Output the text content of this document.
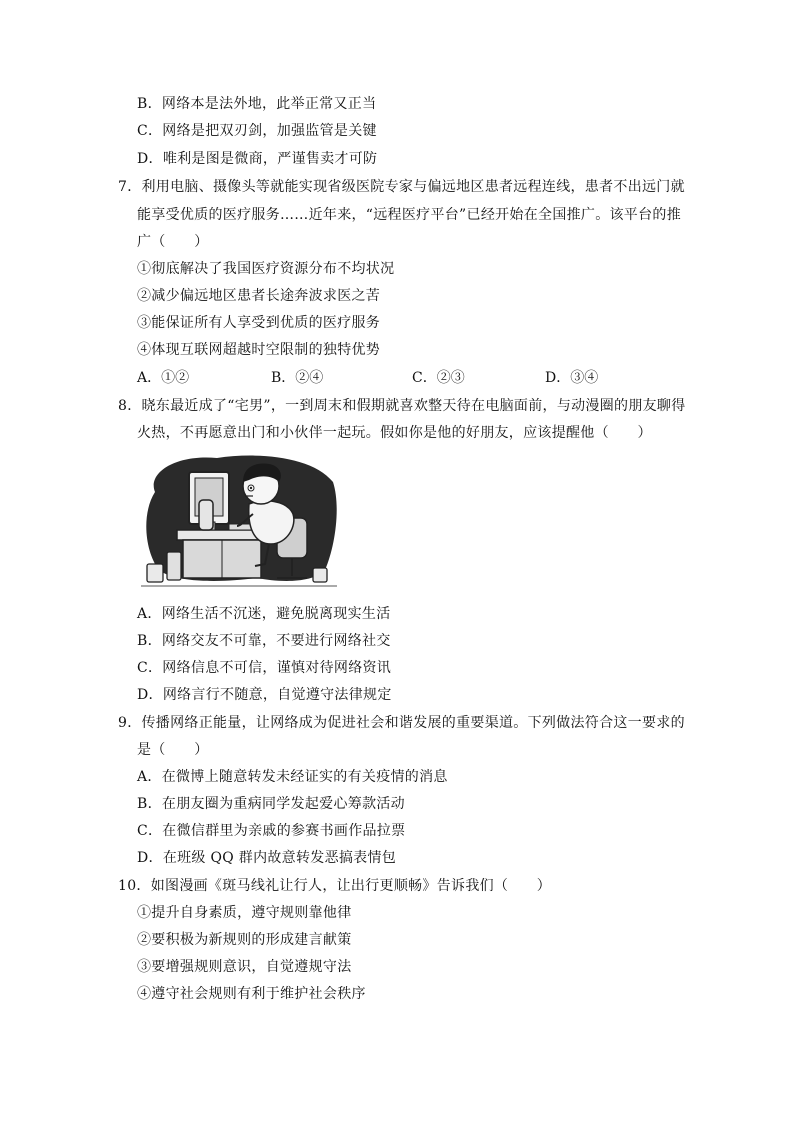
B．网络本是法外地，此举正常又正当
C．网络是把双刃剑，加强监管是关键
D．唯利是图是微商，严谨售卖才可防
7．利用电脑、摄像头等就能实现省级医院专家与偏远地区患者远程连线，患者不出远门就
能享受优质的医疗服务……近年来，“远程医疗平台”已经开始在全国推广。该平台的推
广（　　）
①彻底解决了我国医疗资源分布不均状况
②减少偏远地区患者长途奔波求医之苦
③能保证所有人享受到优质的医疗服务
④体现互联网超越时空限制的独特优势
A．①②	B．②④	C．②③	D．③④
8．晓东最近成了“宅男”，一到周末和假期就喜欢整天待在电脑面前，与动漫圈的朋友聊得
火热，不再愿意出门和小伙伴一起玩。假如你是他的好朋友，应该提醒他（　　）
A．网络生活不沉迷，避免脱离现实生活
B．网络交友不可靠，不要进行网络社交
C．网络信息不可信，谨慎对待网络资讯
D．网络言行不随意，自觉遵守法律规定
9．传播网络正能量，让网络成为促进社会和谐发展的重要渠道。下列做法符合这一要求的
是（　　）
A．在微博上随意转发未经证实的有关疫情的消息
B．在朋友圈为重病同学发起爱心筹款活动
C．在微信群里为亲戚的参赛书画作品拉票
D．在班级 QQ 群内故意转发恶搞表情包
10．如图漫画《斑马线礼让行人，让出行更顺畅》告诉我们（　　）
①提升自身素质，遵守规则靠他律
②要积极为新规则的形成建言献策
③要增强规则意识，自觉遵规守法
④遵守社会规则有利于维护社会秩序
